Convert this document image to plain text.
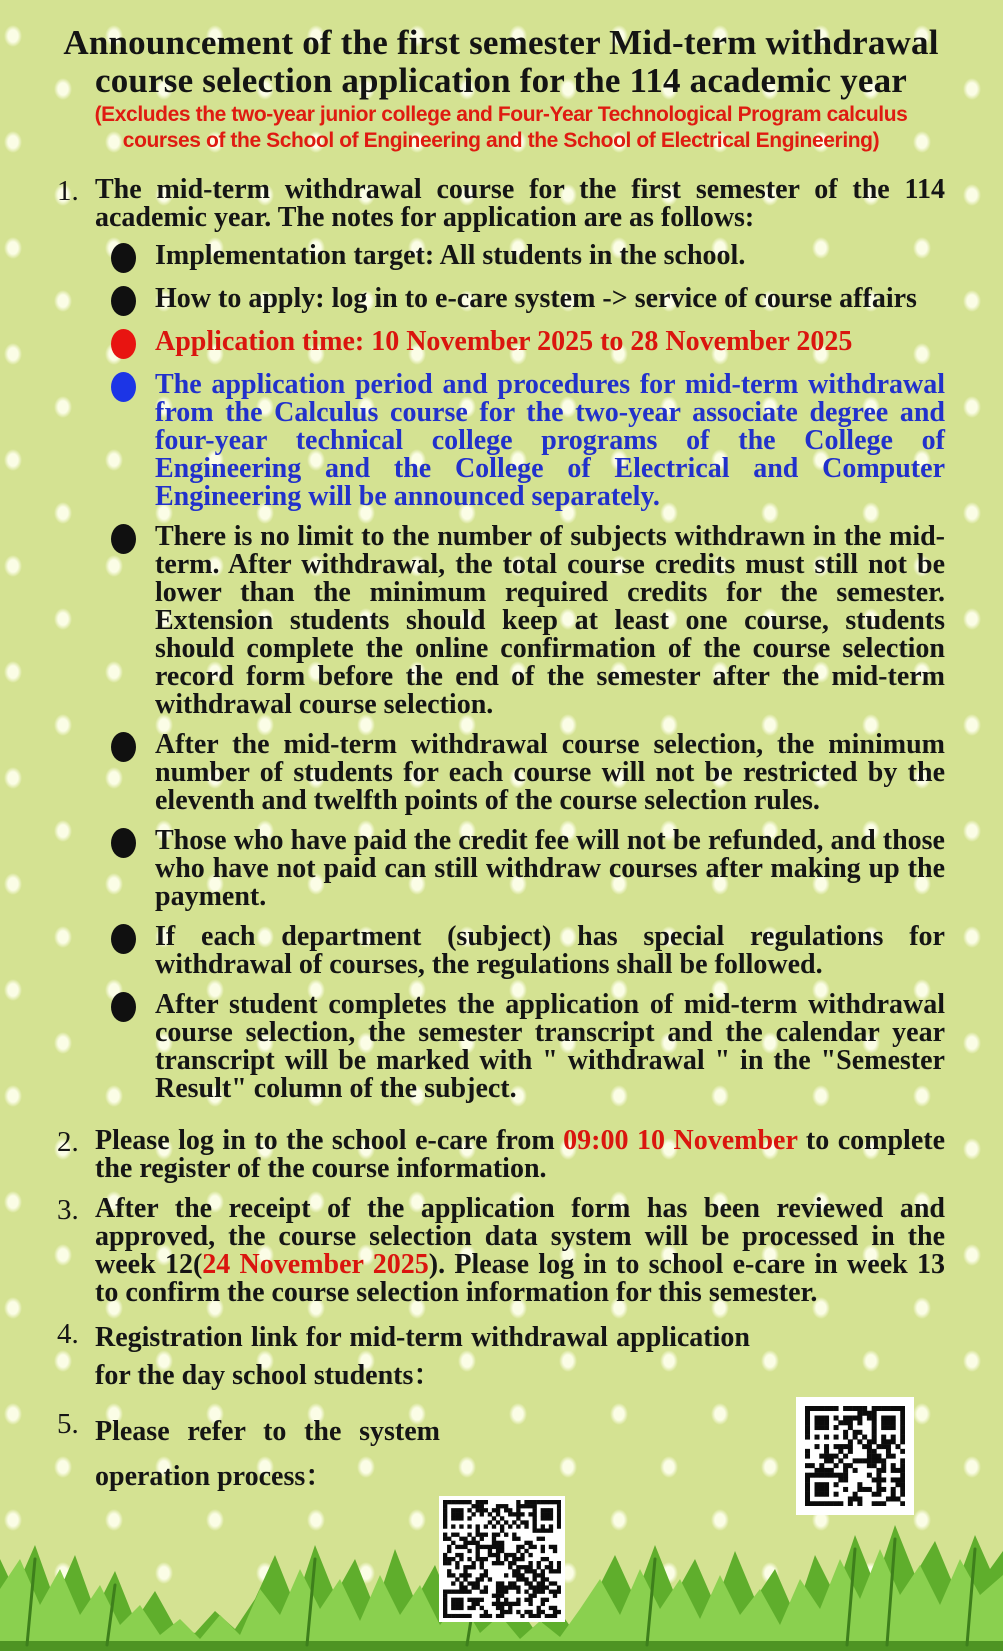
Announcement of the first semester Mid-term withdrawal course selection application for the 114 academic year

(Excludes the two-year junior college and Four-Year Technological Program calculus courses of the School of Engineering and the School of Electrical Engineering)

1. The mid-term withdrawal course for the first semester of the 114 academic year. The notes for application are as follows:

Implementation target: All students in the school.

How to apply: log in to e-care system -> service of course affairs

Application time: 10 November 2025 to 28 November 2025

The application period and procedures for mid-term withdrawal from the Calculus course for the two-year associate degree and four-year technical college programs of the College of Engineering and the College of Electrical and Computer Engineering will be announced separately.

There is no limit to the number of subjects withdrawn in the mid-term. After withdrawal, the total course credits must still not be lower than the minimum required credits for the semester. Extension students should keep at least one course, students should complete the online confirmation of the course selection record form before the end of the semester after the mid-term withdrawal course selection.

After the mid-term withdrawal course selection, the minimum number of students for each course will not be restricted by the eleventh and twelfth points of the course selection rules.

Those who have paid the credit fee will not be refunded, and those who have not paid can still withdraw courses after making up the payment.

If each department (subject) has special regulations for withdrawal of courses, the regulations shall be followed.

After student completes the application of mid-term withdrawal course selection, the semester transcript and the calendar year transcript will be marked with " withdrawal " in the "Semester Result" column of the subject.

2. Please log in to the school e-care from 09:00 10 November to complete the register of the course information.
3. After the receipt of the application form has been reviewed and approved, the course selection data system will be processed in the week 12(24 November 2025). Please log in to school e-care in week 13 to confirm the course selection information for this semester.
4. Registration link for mid-term withdrawal application for the day school students：
5. Please refer to the system operation process：
